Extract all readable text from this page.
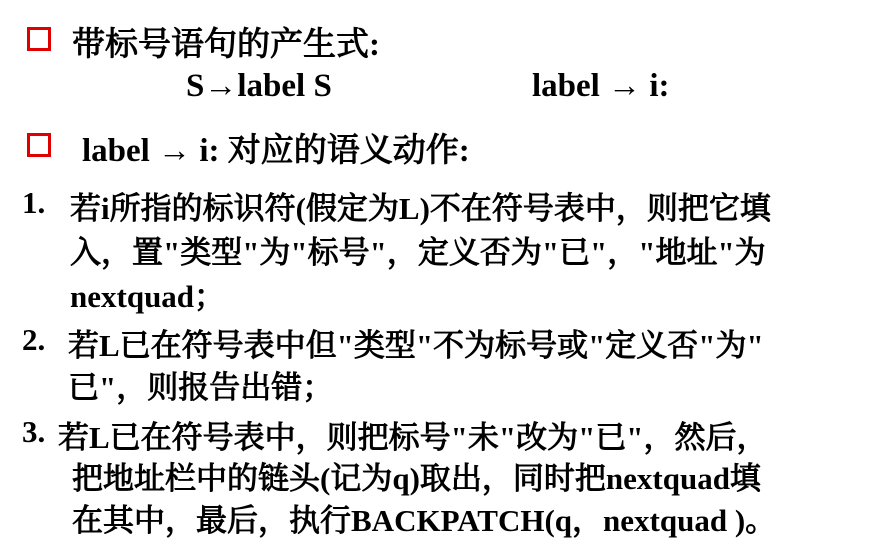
带标号语句的产生式:
S→label S	label → i:
label → i: 对应的语义动作:
1. 若i所指的标识符(假定为L)不在符号表中，则把它填
入，置"类型"为"标号"，定义否为"已"，"地址"为
nextquad；
2. 若L已在符号表中但"类型"不为标号或"定义否"为"
已"，则报告出错；
3. 若L已在符号表中，则把标号"未"改为"已"，然后，
把地址栏中的链头(记为q)取出，同时把nextquad填
在其中，最后，执行BACKPATCH(q，nextquad )。
